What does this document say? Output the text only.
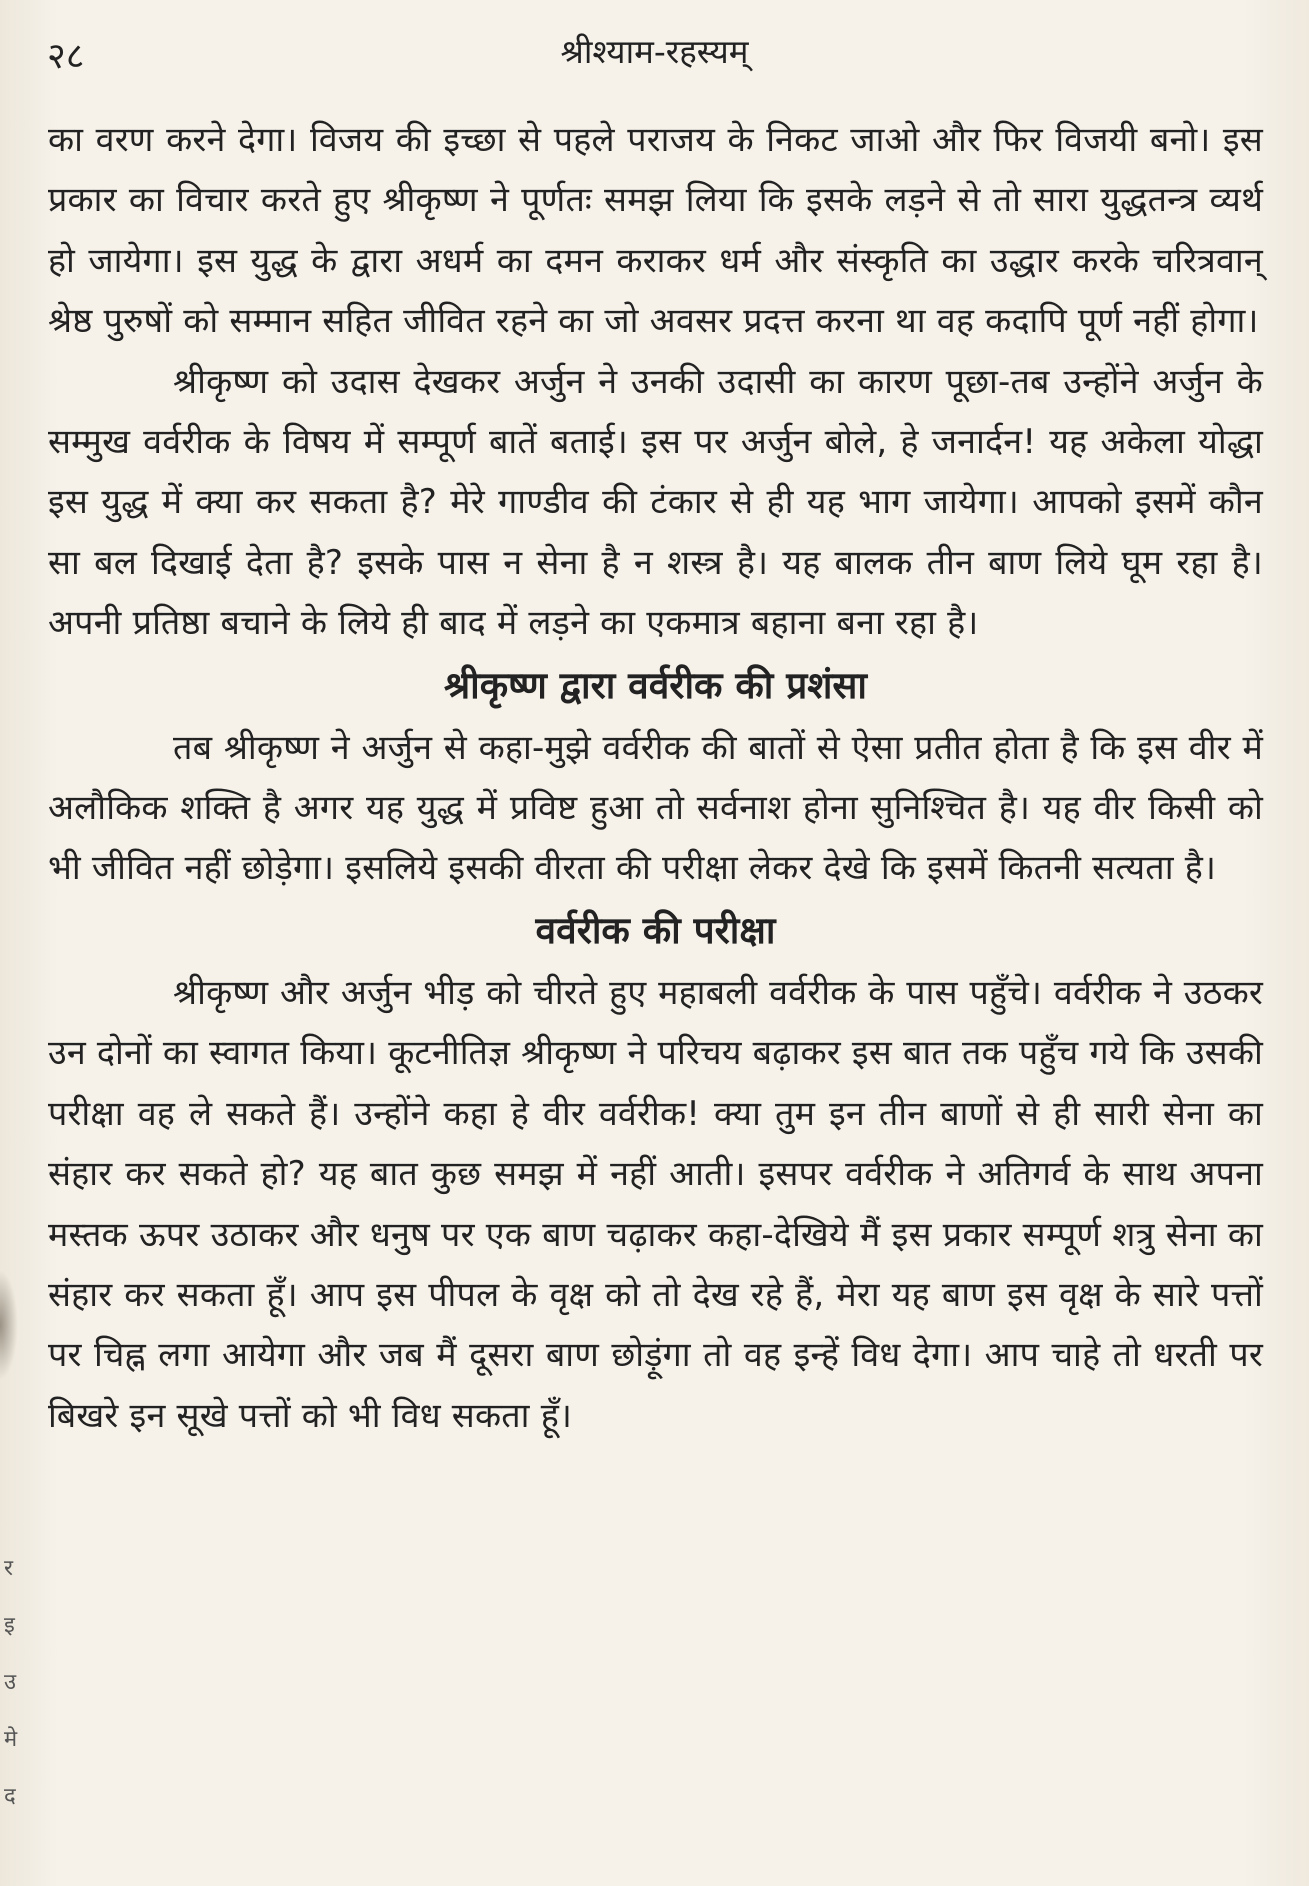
२८	श्रीश्याम-रहस्यम्

का वरण करने देगा। विजय की इच्छा से पहले पराजय के निकट जाओ और फिर विजयी बनो। इस प्रकार का विचार करते हुए श्रीकृष्ण ने पूर्णतः समझ लिया कि इसके लड़ने से तो सारा युद्धतन्त्र व्यर्थ हो जायेगा। इस युद्ध के द्वारा अधर्म का दमन कराकर धर्म और संस्कृति का उद्धार करके चरित्रवान् श्रेष्ठ पुरुषों को सम्मान सहित जीवित रहने का जो अवसर प्रदत्त करना था वह कदापि पूर्ण नहीं होगा।

श्रीकृष्ण को उदास देखकर अर्जुन ने उनकी उदासी का कारण पूछा-तब उन्होंने अर्जुन के सम्मुख वर्वरीक के विषय में सम्पूर्ण बातें बताई। इस पर अर्जुन बोले, हे जनार्दन! यह अकेला योद्धा इस युद्ध में क्या कर सकता है? मेरे गाण्डीव की टंकार से ही यह भाग जायेगा। आपको इसमें कौन सा बल दिखाई देता है? इसके पास न सेना है न शस्त्र है। यह बालक तीन बाण लिये घूम रहा है। अपनी प्रतिष्ठा बचाने के लिये ही बाद में लड़ने का एकमात्र बहाना बना रहा है।

श्रीकृष्ण द्वारा वर्वरीक की प्रशंसा

तब श्रीकृष्ण ने अर्जुन से कहा-मुझे वर्वरीक की बातों से ऐसा प्रतीत होता है कि इस वीर में अलौकिक शक्ति है अगर यह युद्ध में प्रविष्ट हुआ तो सर्वनाश होना सुनिश्चित है। यह वीर किसी को भी जीवित नहीं छोड़ेगा। इसलिये इसकी वीरता की परीक्षा लेकर देखे कि इसमें कितनी सत्यता है।

वर्वरीक की परीक्षा

श्रीकृष्ण और अर्जुन भीड़ को चीरते हुए महाबली वर्वरीक के पास पहुँचे। वर्वरीक ने उठकर उन दोनों का स्वागत किया। कूटनीतिज्ञ श्रीकृष्ण ने परिचय बढ़ाकर इस बात तक पहुँच गये कि उसकी परीक्षा वह ले सकते हैं। उन्होंने कहा हे वीर वर्वरीक! क्या तुम इन तीन बाणों से ही सारी सेना का संहार कर सकते हो? यह बात कुछ समझ में नहीं आती। इसपर वर्वरीक ने अतिगर्व के साथ अपना मस्तक ऊपर उठाकर और धनुष पर एक बाण चढ़ाकर कहा-देखिये मैं इस प्रकार सम्पूर्ण शत्रु सेना का संहार कर सकता हूँ। आप इस पीपल के वृक्ष को तो देख रहे हैं, मेरा यह बाण इस वृक्ष के सारे पत्तों पर चिह्न लगा आयेगा और जब मैं दूसरा बाण छोड़ूंगा तो वह इन्हें विध देगा। आप चाहे तो धरती पर बिखरे इन सूखे पत्तों को भी विध सकता हूँ।

र
इ
उ
मे
द
